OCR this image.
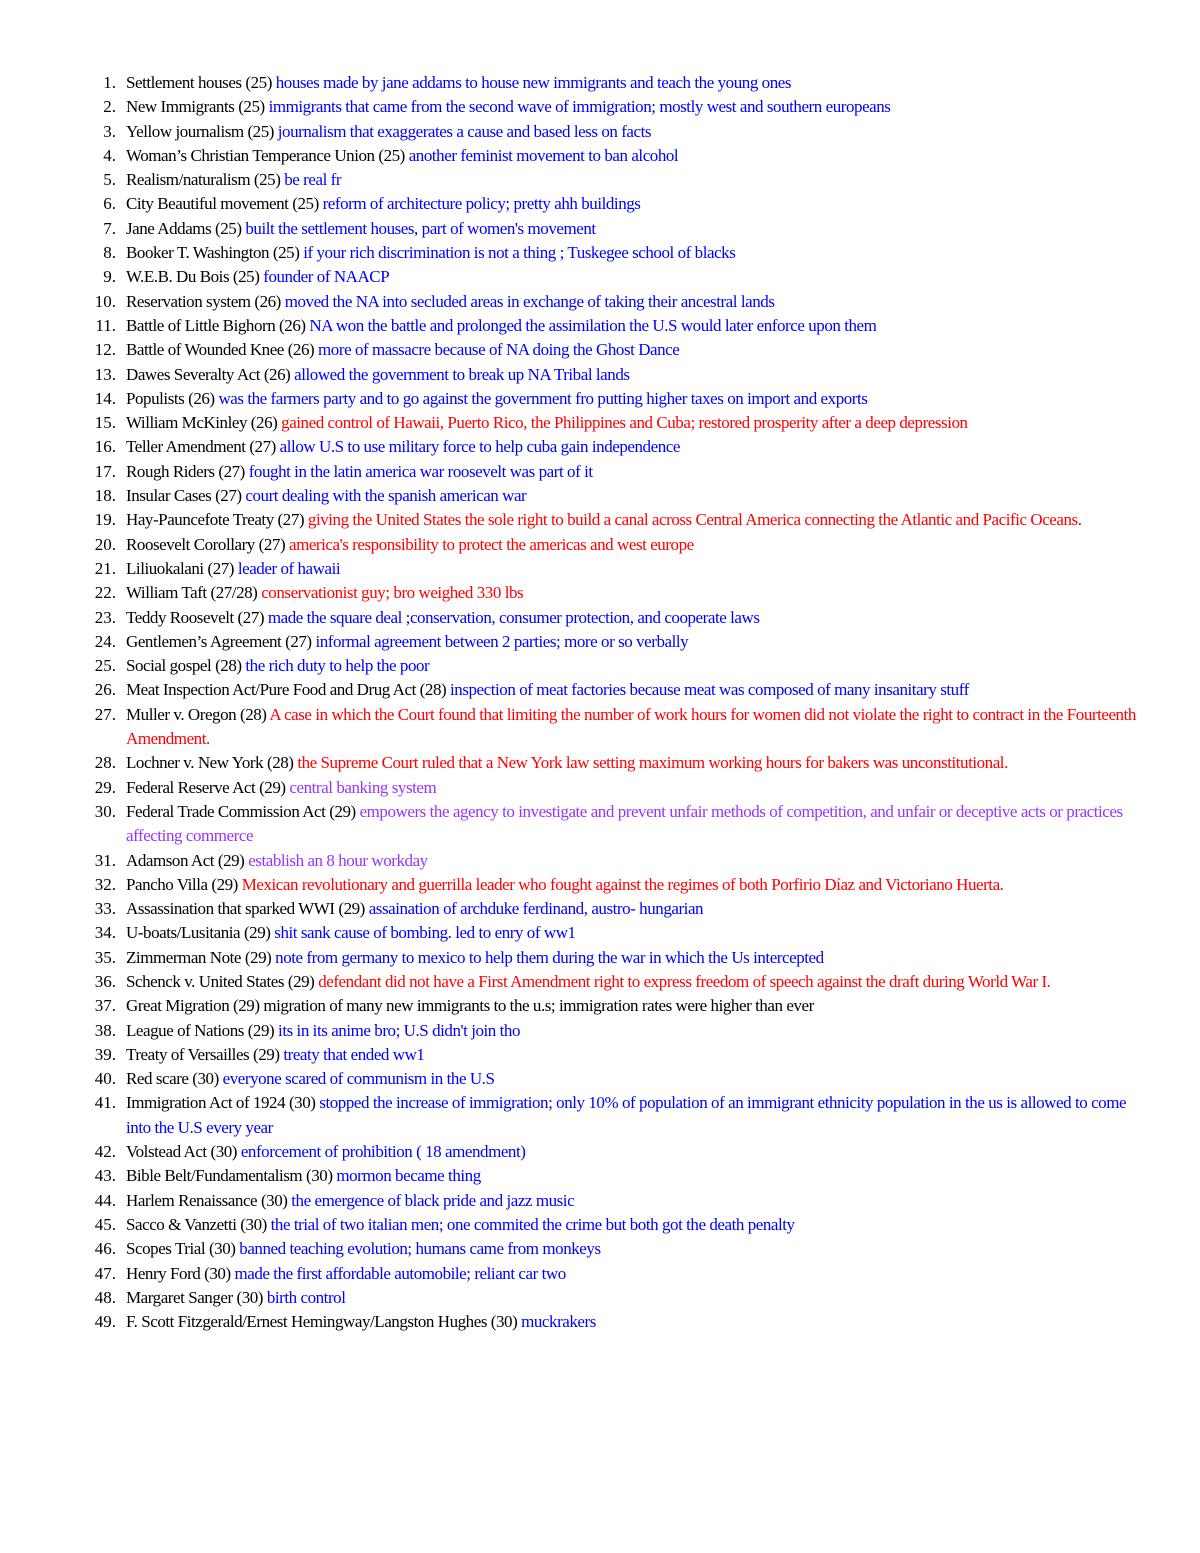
1. Settlement houses (25) houses made by jane addams to house new immigrants and teach the young ones
2. New Immigrants (25) immigrants that came from the second wave of immigration; mostly west and southern europeans
3. Yellow journalism (25) journalism that exaggerates a cause and based less on facts
4. Woman’s Christian Temperance Union (25) another feminist movement to ban alcohol
5. Realism/naturalism (25) be real fr
6. City Beautiful movement (25) reform of architecture policy; pretty ahh buildings
7. Jane Addams (25) built the settlement houses, part of women's movement
8. Booker T. Washington (25) if your rich discrimination is not a thing ; Tuskegee school of blacks
9. W.E.B. Du Bois (25) founder of NAACP
10. Reservation system (26) moved the NA into secluded areas in exchange of taking their ancestral lands
11. Battle of Little Bighorn (26) NA won the battle and prolonged the assimilation the U.S would later enforce upon them
12. Battle of Wounded Knee (26) more of massacre because of NA doing the Ghost Dance
13. Dawes Severalty Act (26) allowed the government to break up NA Tribal lands
14. Populists (26) was the farmers party and to go against the government fro putting higher taxes on import and exports
15. William McKinley (26) gained control of Hawaii, Puerto Rico, the Philippines and Cuba; restored prosperity after a deep depression
16. Teller Amendment (27) allow U.S to use military force to help cuba gain independence
17. Rough Riders (27) fought in the latin america war roosevelt was part of it
18. Insular Cases (27) court dealing with the spanish american war
19. Hay-Pauncefote Treaty (27) giving the United States the sole right to build a canal across Central America connecting the Atlantic and Pacific Oceans.
20. Roosevelt Corollary (27) america's responsibility to protect the americas and west europe
21. Liliuokalani (27) leader of hawaii
22. William Taft (27/28) conservationist guy; bro weighed 330 lbs
23. Teddy Roosevelt (27) made the square deal ;conservation, consumer protection, and cooperate laws
24. Gentlemen’s Agreement (27) informal agreement between 2 parties; more or so verbally
25. Social gospel (28) the rich duty to help the poor
26. Meat Inspection Act/Pure Food and Drug Act (28) inspection of meat factories because meat was composed of many insanitary stuff
27. Muller v. Oregon (28) A case in which the Court found that limiting the number of work hours for women did not violate the right to contract in the Fourteenth Amendment.
28. Lochner v. New York (28) the Supreme Court ruled that a New York law setting maximum working hours for bakers was unconstitutional.
29. Federal Reserve Act (29) central banking system
30. Federal Trade Commission Act (29) empowers the agency to investigate and prevent unfair methods of competition, and unfair or deceptive acts or practices affecting commerce
31. Adamson Act (29) establish an 8 hour workday
32. Pancho Villa (29) Mexican revolutionary and guerrilla leader who fought against the regimes of both Porfirio Díaz and Victoriano Huerta.
33. Assassination that sparked WWI (29) assaination of archduke ferdinand, austro- hungarian
34. U-boats/Lusitania (29) shit sank cause of bombing. led to enry of ww1
35. Zimmerman Note (29) note from germany to mexico to help them during the war in which the Us intercepted
36. Schenck v. United States (29) defendant did not have a First Amendment right to express freedom of speech against the draft during World War I.
37. Great Migration (29) migration of many new immigrants to the u.s; immigration rates were higher than ever
38. League of Nations (29) its in its anime bro; U.S didn't join tho
39. Treaty of Versailles (29) treaty that ended ww1
40. Red scare (30) everyone scared of communism in the U.S
41. Immigration Act of 1924 (30) stopped the increase of immigration; only 10% of population of an immigrant ethnicity population in the us is allowed to come into the U.S every year
42. Volstead Act (30) enforcement of prohibition ( 18 amendment)
43. Bible Belt/Fundamentalism (30) mormon became thing
44. Harlem Renaissance (30) the emergence of black pride and jazz music
45. Sacco & Vanzetti (30) the trial of two italian men; one commited the crime but both got the death penalty
46. Scopes Trial (30) banned teaching evolution; humans came from monkeys
47. Henry Ford (30) made the first affordable automobile; reliant car two
48. Margaret Sanger (30) birth control
49. F. Scott Fitzgerald/Ernest Hemingway/Langston Hughes (30) muckrakers
